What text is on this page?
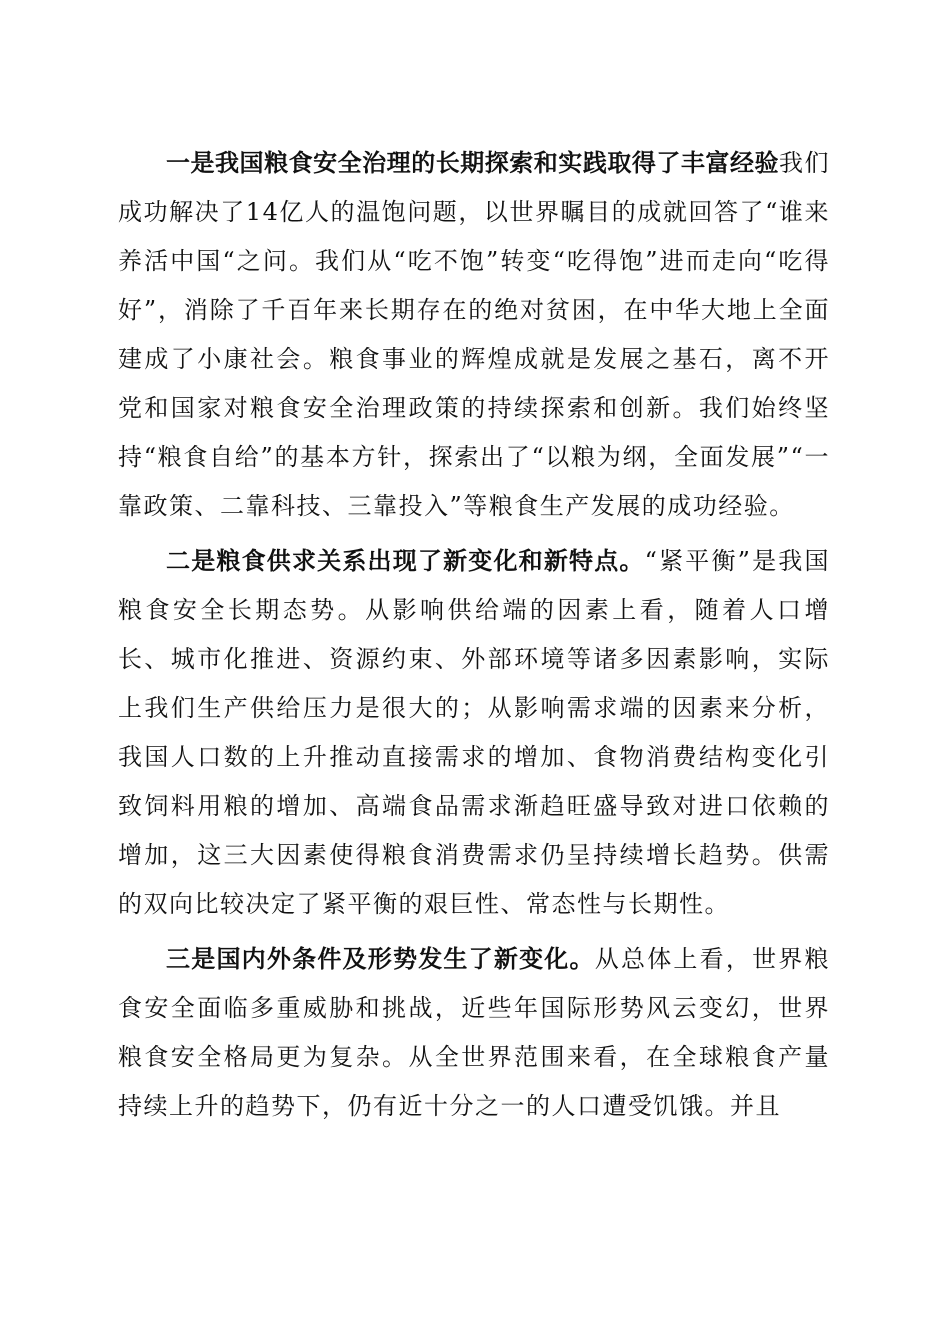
一是我国粮食安全治理的长期探索和实践取得了丰富经验我们成功解决了14亿人的温饱问题，以世界瞩目的成就回答了“谁来养活中国“之问。我们从“吃不饱”转变“吃得饱”进而走向“吃得好”，消除了千百年来长期存在的绝对贫困，在中华大地上全面建成了小康社会。粮食事业的辉煌成就是发展之基石，离不开党和国家对粮食安全治理政策的持续探索和创新。我们始终坚持“粮食自给”的基本方针，探索出了“以粮为纲，全面发展”“一靠政策、二靠科技、三靠投入”等粮食生产发展的成功经验。

二是粮食供求关系出现了新变化和新特点。“紧平衡”是我国粮食安全长期态势。从影响供给端的因素上看，随着人口增长、城市化推进、资源约束、外部环境等诸多因素影响，实际上我们生产供给压力是很大的；从影响需求端的因素来分析，我国人口数的上升推动直接需求的增加、食物消费结构变化引致饲料用粮的增加、高端食品需求渐趋旺盛导致对进口依赖的增加，这三大因素使得粮食消费需求仍呈持续增长趋势。供需的双向比较决定了紧平衡的艰巨性、常态性与长期性。

三是国内外条件及形势发生了新变化。从总体上看，世界粮食安全面临多重威胁和挑战，近些年国际形势风云变幻，世界粮食安全格局更为复杂。从全世界范围来看，在全球粮食产量持续上升的趋势下，仍有近十分之一的人口遭受饥饿。并且
